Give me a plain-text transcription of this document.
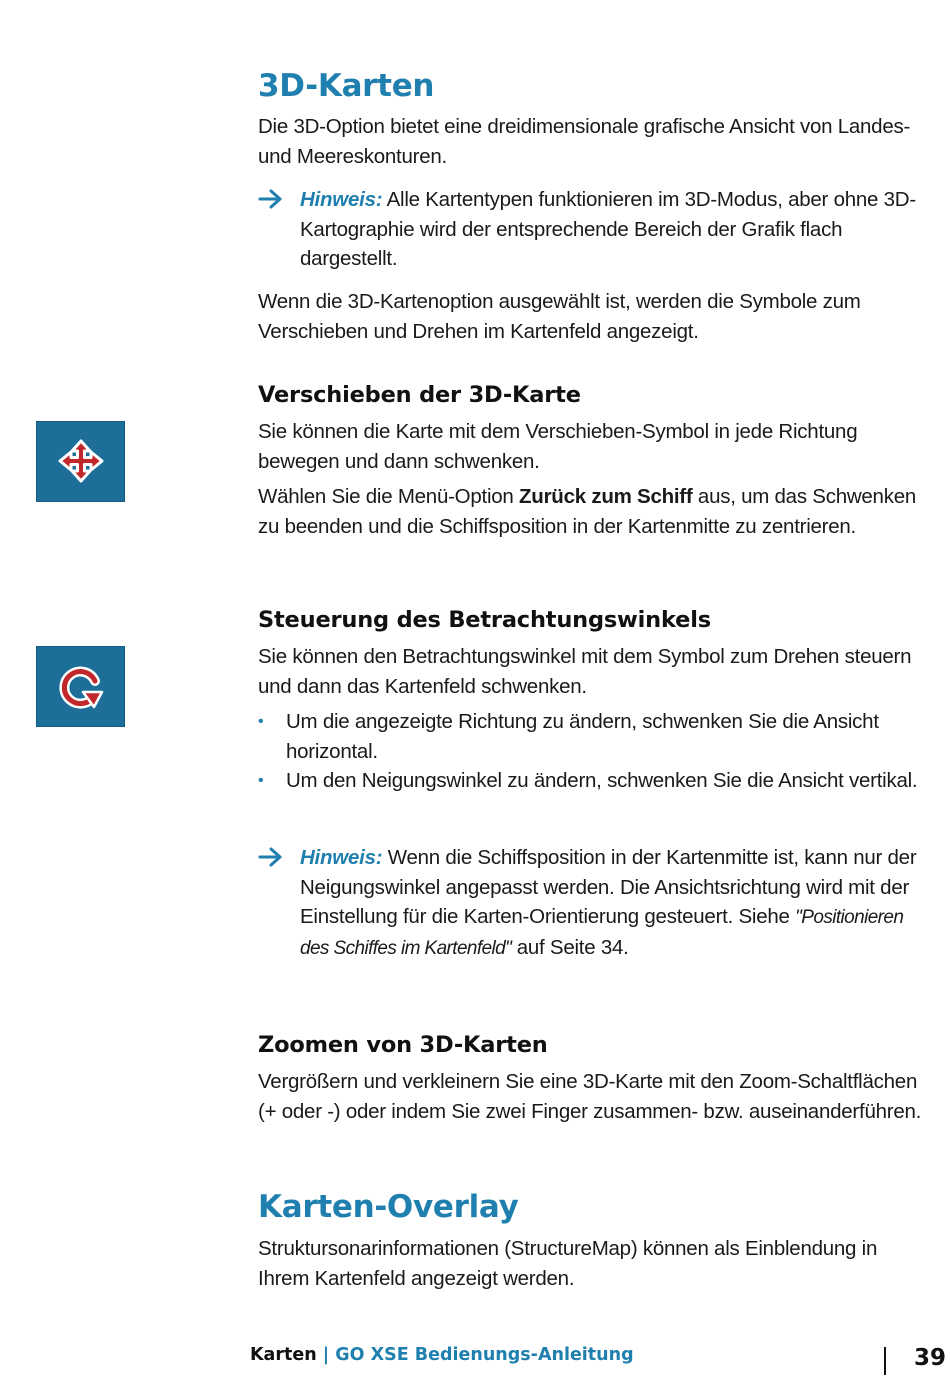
3D-Karten

Die 3D-Option bietet eine dreidimensionale grafische Ansicht von Landes- und Meereskonturen.

Hinweis: Alle Kartentypen funktionieren im 3D-Modus, aber ohne 3D-Kartographie wird der entsprechende Bereich der Grafik flach dargestellt.

Wenn die 3D-Kartenoption ausgewählt ist, werden die Symbole zum Verschieben und Drehen im Kartenfeld angezeigt.

Verschieben der 3D-Karte

Sie können die Karte mit dem Verschieben-Symbol in jede Richtung bewegen und dann schwenken.

Wählen Sie die Menü-Option Zurück zum Schiff aus, um das Schwenken zu beenden und die Schiffsposition in der Kartenmitte zu zentrieren.

Steuerung des Betrachtungswinkels

Sie können den Betrachtungswinkel mit dem Symbol zum Drehen steuern und dann das Kartenfeld schwenken.

• Um die angezeigte Richtung zu ändern, schwenken Sie die Ansicht horizontal.
• Um den Neigungswinkel zu ändern, schwenken Sie die Ansicht vertikal.

Hinweis: Wenn die Schiffsposition in der Kartenmitte ist, kann nur der Neigungswinkel angepasst werden. Die Ansichtsrichtung wird mit der Einstellung für die Karten-Orientierung gesteuert. Siehe "Positionieren des Schiffes im Kartenfeld" auf Seite 34.

Zoomen von 3D-Karten

Vergrößern und verkleinern Sie eine 3D-Karte mit den Zoom-Schaltflächen (+ oder -) oder indem Sie zwei Finger zusammen- bzw. auseinanderführen.

Karten-Overlay

Struktursonarinformationen (StructureMap) können als Einblendung in Ihrem Kartenfeld angezeigt werden.

Karten | GO XSE Bedienungs-Anleitung	39
